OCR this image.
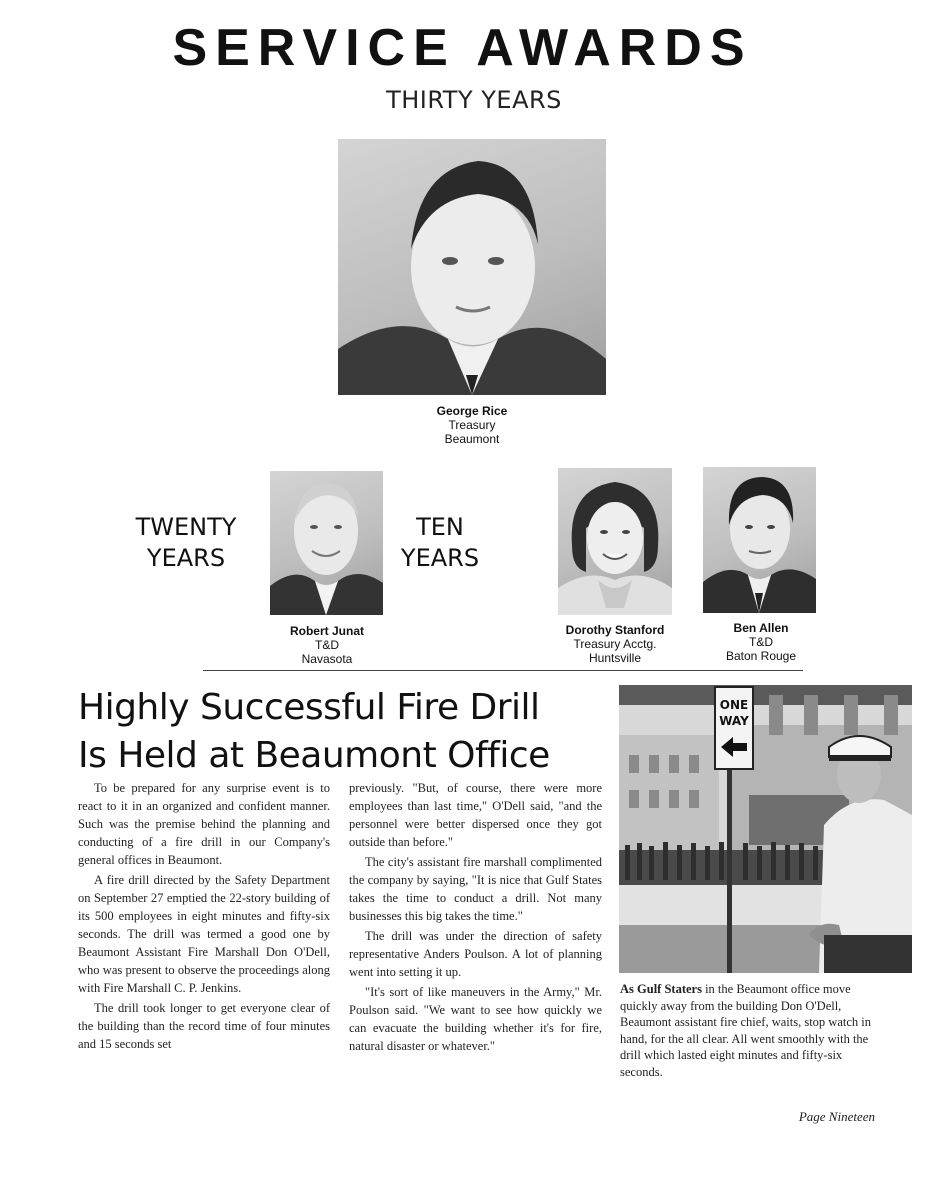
SERVICE AWARDS
THIRTY YEARS
George Rice
Treasury
Beaumont
TWENTY
YEARS
Robert Junat
T&D
Navasota
TEN
YEARS
Dorothy Stanford
Treasury Acctg.
Huntsville
Ben Allen
T&D
Baton Rouge
Highly Successful Fire Drill
Is Held at Beaumont Office

To be prepared for any surprise event is to react to it in an organized and confident manner. Such was the premise behind the planning and conducting of a fire drill in our Company's general offices in Beaumont.

A fire drill directed by the Safety Department on September 27 emptied the 22-story building of its 500 employees in eight minutes and fifty-six seconds. The drill was termed a good one by Beaumont Assistant Fire Marshall Don O'Dell, who was present to observe the proceedings along with Fire Marshall C. P. Jenkins.

The drill took longer to get everyone clear of the building than the record time of four minutes and 15 seconds set

previously. "But, of course, there were more employees than last time," O'Dell said, "and the personnel were better dispersed once they got outside than before."

The city's assistant fire marshall complimented the company by saying, "It is nice that Gulf States takes the time to conduct a drill. Not many businesses this big takes the time."

The drill was under the direction of safety representative Anders Poulson. A lot of planning went into setting it up.

"It's sort of like maneuvers in the Army," Mr. Poulson said. "We want to see how quickly we can evacuate the building whether it's for fire, natural disaster or whatever."

ONE
WAY
As Gulf Staters in the Beaumont office move quickly away from the building Don O'Dell, Beaumont assistant fire chief, waits, stop watch in hand, for the all clear. All went smoothly with the drill which lasted eight minutes and fifty-six seconds.
Page Nineteen
